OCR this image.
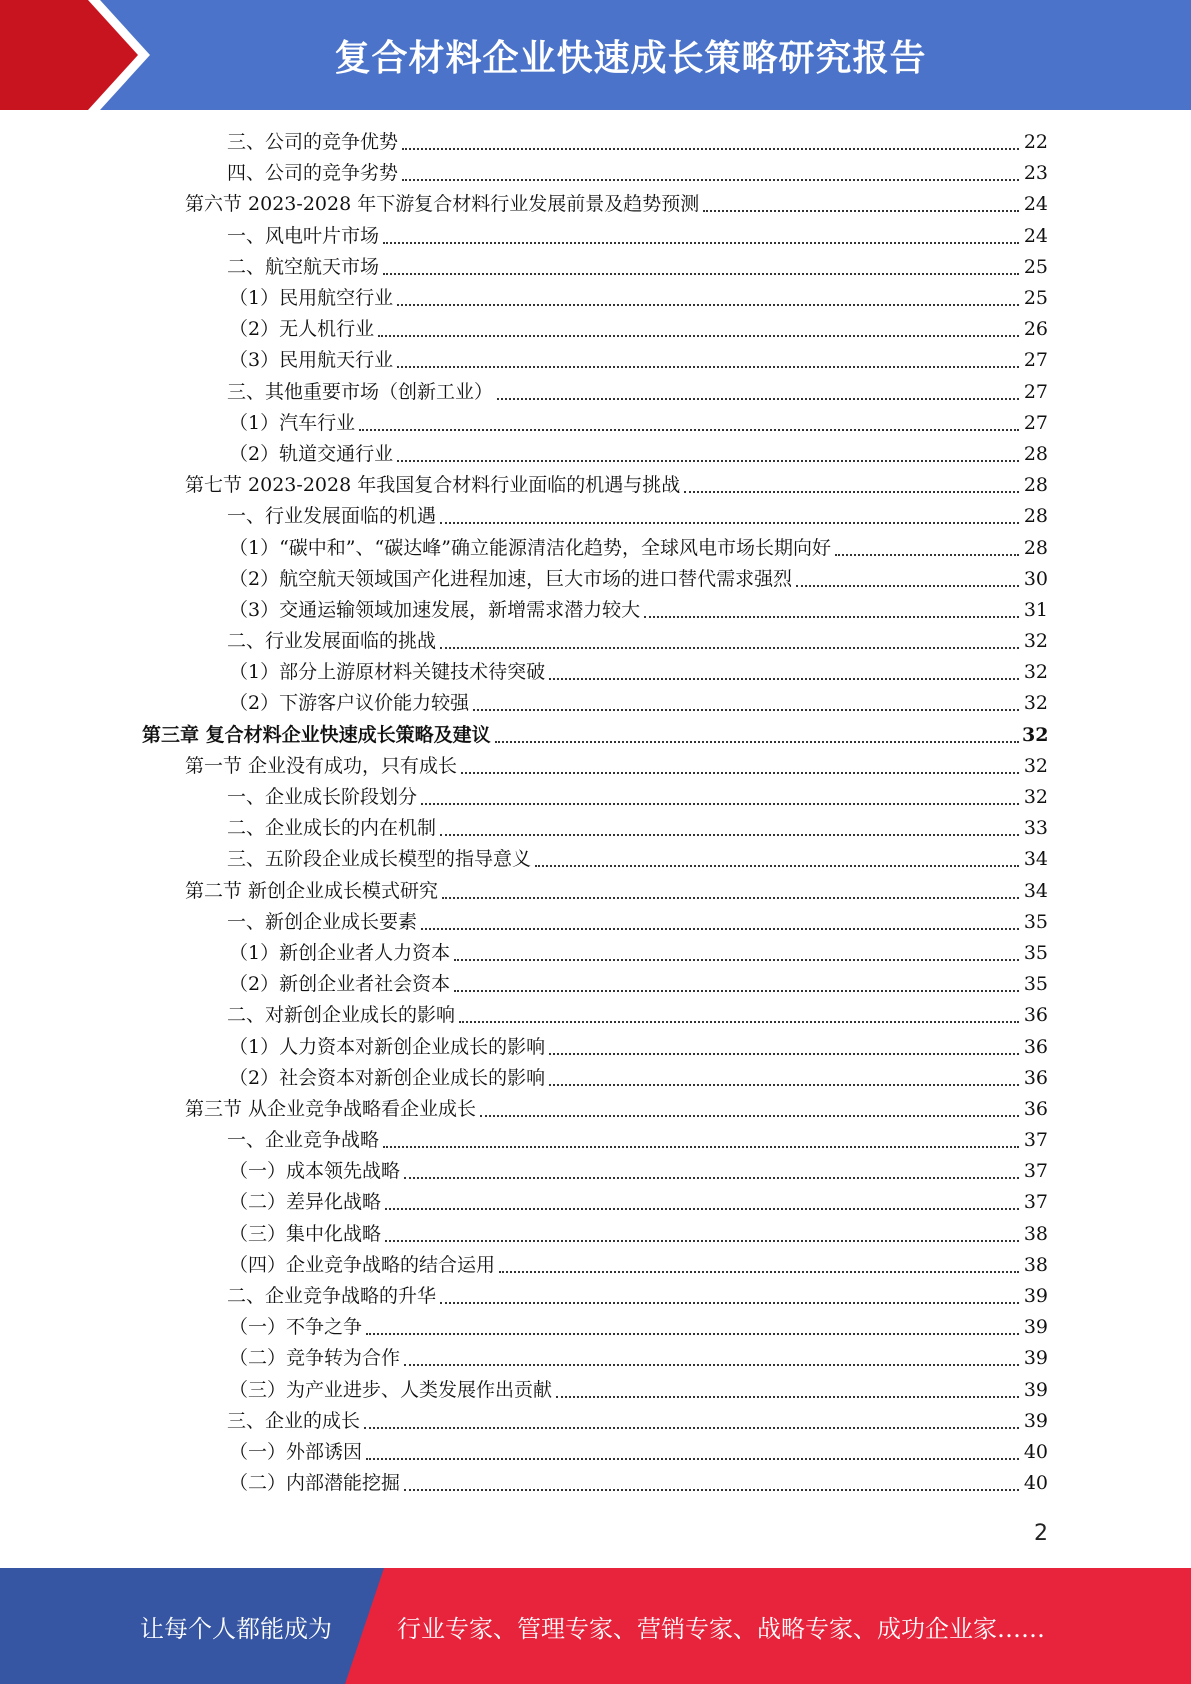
复合材料企业快速成长策略研究报告
三、公司的竞争优势	22
四、公司的竞争劣势	23
第六节 2023-2028 年下游复合材料行业发展前景及趋势预测	24
一、风电叶片市场	24
二、航空航天市场	25
（1）民用航空行业	25
（2）无人机行业	26
（3）民用航天行业	27
三、其他重要市场（创新工业）	27
（1）汽车行业	27
（2）轨道交通行业	28
第七节 2023-2028 年我国复合材料行业面临的机遇与挑战	28
一、行业发展面临的机遇	28
（1）“碳中和”、“碳达峰”确立能源清洁化趋势，全球风电市场长期向好	28
（2）航空航天领域国产化进程加速，巨大市场的进口替代需求强烈	30
（3）交通运输领域加速发展，新增需求潜力较大	31
二、行业发展面临的挑战	32
（1）部分上游原材料关键技术待突破	32
（2）下游客户议价能力较强	32
第三章 复合材料企业快速成长策略及建议	32
第一节 企业没有成功，只有成长	32
一、企业成长阶段划分	32
二、企业成长的内在机制	33
三、五阶段企业成长模型的指导意义	34
第二节 新创企业成长模式研究	34
一、新创企业成长要素	35
（1）新创企业者人力资本	35
（2）新创企业者社会资本	35
二、对新创企业成长的影响	36
（1）人力资本对新创企业成长的影响	36
（2）社会资本对新创企业成长的影响	36
第三节 从企业竞争战略看企业成长	36
一、企业竞争战略	37
（一）成本领先战略	37
（二）差异化战略	37
（三）集中化战略	38
（四）企业竞争战略的结合运用	38
二、企业竞争战略的升华	39
（一）不争之争	39
（二）竞争转为合作	39
（三）为产业进步、人类发展作出贡献	39
三、企业的成长	39
（一）外部诱因	40
（二）内部潜能挖掘	40
2
让每个人都能成为	行业专家、管理专家、营销专家、战略专家、成功企业家……
